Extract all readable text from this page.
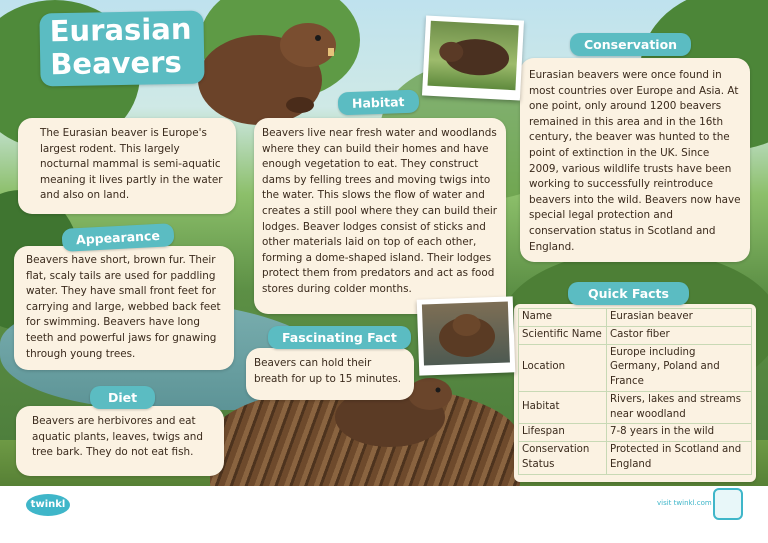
Eurasian
Beavers

The Eurasian beaver is Europe's largest rodent. This largely nocturnal mammal is semi-aquatic meaning it lives partly in the water and also on land.

Beavers have short, brown fur. Their flat, scaly tails are used for paddling water. They have small front feet for carrying and large, webbed back feet for swimming. Beavers have long teeth and powerful jaws for gnawing through young trees.

Appearance

Beavers are herbivores and eat aquatic plants, leaves, twigs and tree bark. They do not eat fish.

Diet

Beavers live near fresh water and woodlands where they can build their homes and have enough vegetation to eat. They construct dams by felling trees and moving twigs into the water. This slows the flow of water and creates a still pool where they can build their lodges. Beaver lodges consist of sticks and other materials laid on top of each other, forming a dome-shaped island. Their lodges protect them from predators and act as food stores during colder months.

Habitat

Beavers can hold their breath for up to 15 minutes.

Fascinating Fact

Eurasian beavers were once found in most countries over Europe and Asia. At one point, only around 1200 beavers remained in this area and in the 16th century, the beaver was hunted to the point of extinction in the UK. Since 2009, various wildlife trusts have been working to successfully reintroduce beavers into the wild. Beavers now have special legal protection and conservation status in Scotland and England.

Conservation
Name	Eurasian beaver
Scientific Name	Castor fiber
Location	Europe including Germany, Poland and France
Habitat	Rivers, lakes and streams near woodland
Lifespan	7-8 years in the wild
Conservation Status	Protected in Scotland and England
Quick Facts
twinkl	visit twinkl.com
